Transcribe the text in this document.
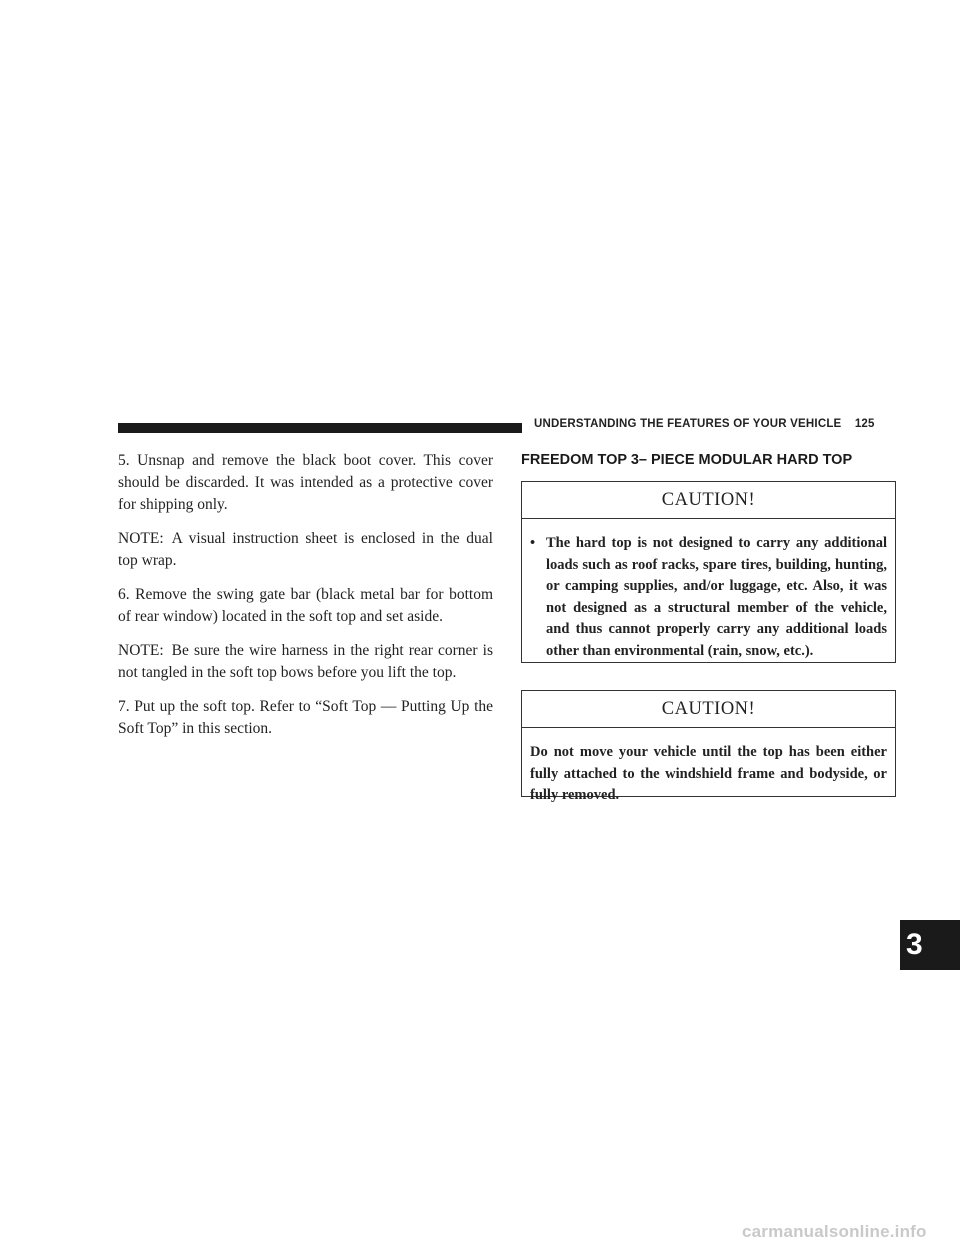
UNDERSTANDING THE FEATURES OF YOUR VEHICLE 125

5. Unsnap and remove the black boot cover. This cover should be discarded. It was intended as a protective cover for shipping only.

NOTE: A visual instruction sheet is enclosed in the dual top wrap.

6. Remove the swing gate bar (black metal bar for bottom of rear window) located in the soft top and set aside.

NOTE: Be sure the wire harness in the right rear corner is not tangled in the soft top bows before you lift the top.

7. Put up the soft top. Refer to “Soft Top — Putting Up the Soft Top” in this section.

FREEDOM TOP 3– PIECE MODULAR HARD TOP
CAUTION!
• The hard top is not designed to carry any additional loads such as roof racks, spare tires, building, hunting, or camping supplies, and/or luggage, etc. Also, it was not designed as a structural member of the vehicle, and thus cannot properly carry any additional loads other than environmental (rain, snow, etc.).
CAUTION!
Do not move your vehicle until the top has been either fully attached to the windshield frame and bodyside, or fully removed.
3
carmanualsonline.info
